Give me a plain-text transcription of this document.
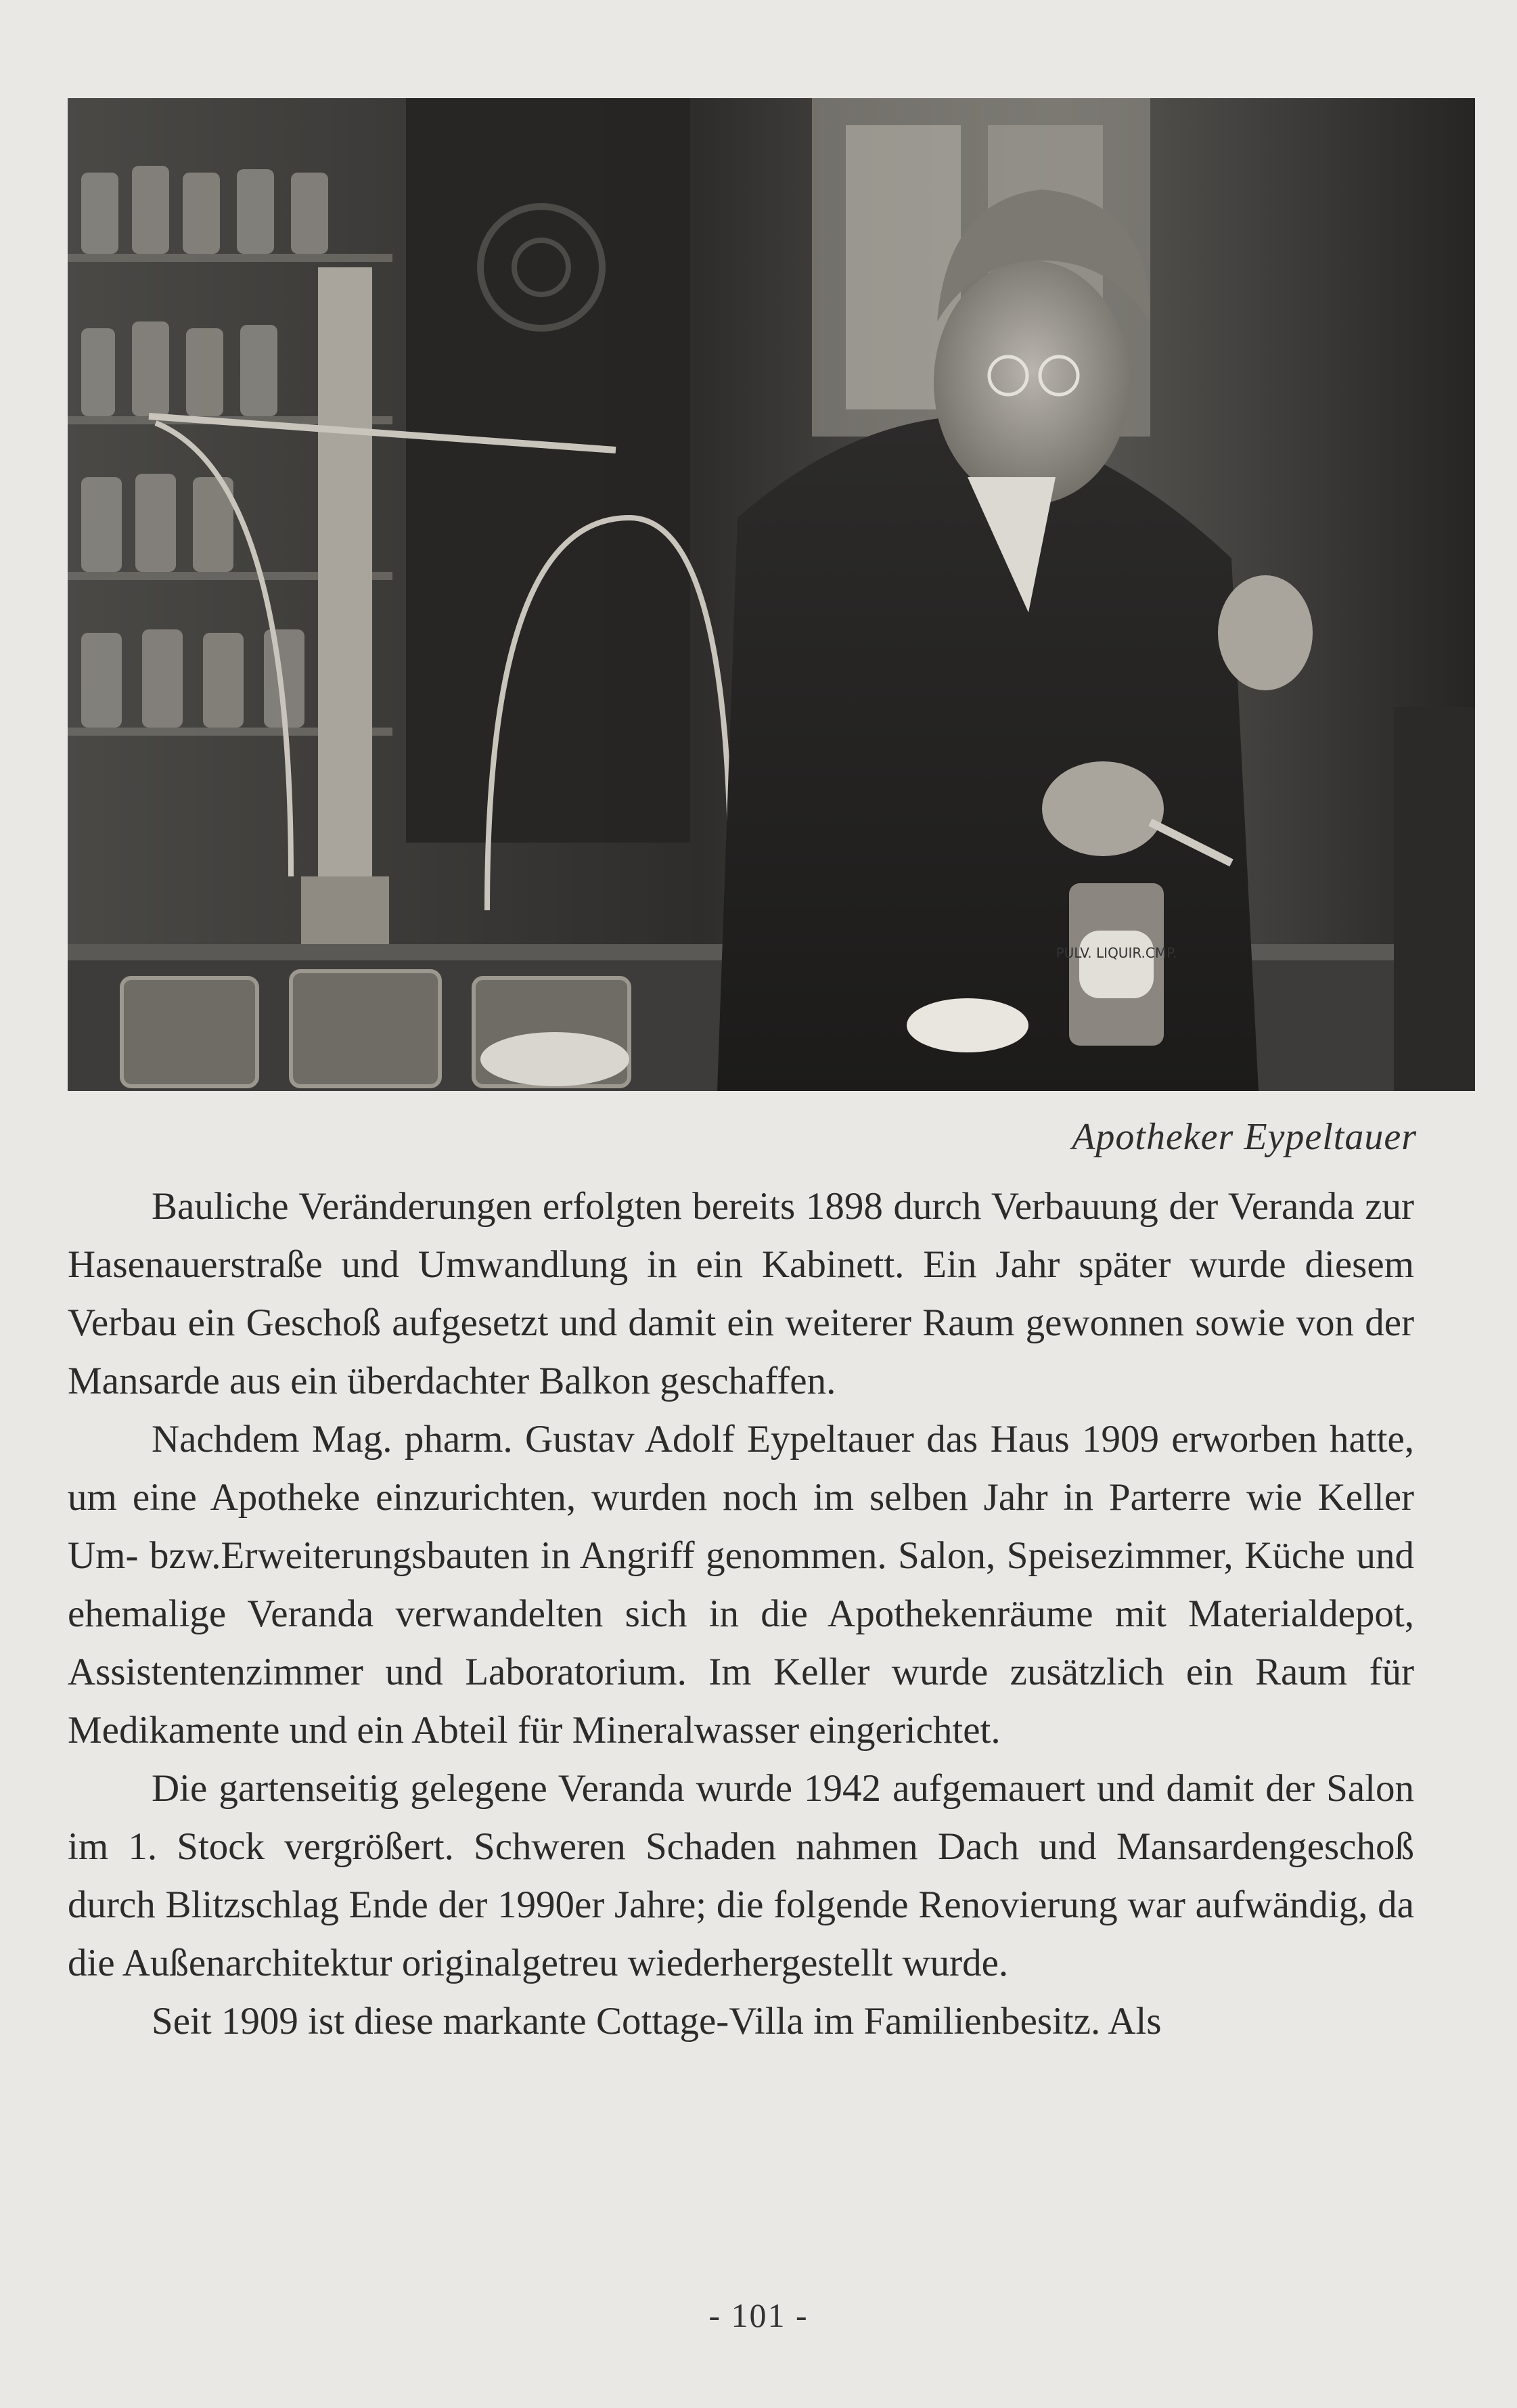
PULV. LIQUIR.CMP.
Apotheker Eypeltauer

Bauliche Veränderungen erfolgten bereits 1898 durch Verbauung der Veranda zur Hasenauerstraße und Umwandlung in ein Kabinett. Ein Jahr später wurde diesem Verbau ein Geschoß aufgesetzt und damit ein weiterer Raum gewonnen sowie von der Mansarde aus ein überdachter Balkon geschaffen.

Nachdem Mag. pharm. Gustav Adolf Eypeltauer das Haus 1909 erworben hatte, um eine Apotheke einzurichten, wurden noch im selben Jahr in Parterre wie Keller Um- bzw.Erweiterungsbauten in Angriff genommen. Salon, Speisezimmer, Küche und ehemalige Veranda verwandelten sich in die Apothekenräume mit Materialdepot, Assistentenzimmer und Laboratorium. Im Keller wurde zusätzlich ein Raum für Medikamente und ein Abteil für Mineralwasser eingerichtet.

Die gartenseitig gelegene Veranda wurde 1942 aufgemauert und damit der Salon im 1. Stock vergrößert. Schweren Schaden nahmen Dach und Mansardengeschoß durch Blitzschlag Ende der 1990er Jahre; die folgende Renovierung war aufwändig, da die Außenarchitektur originalgetreu wiederhergestellt wurde.

Seit 1909 ist diese markante Cottage-Villa im Familienbesitz. Als

- 101 -
